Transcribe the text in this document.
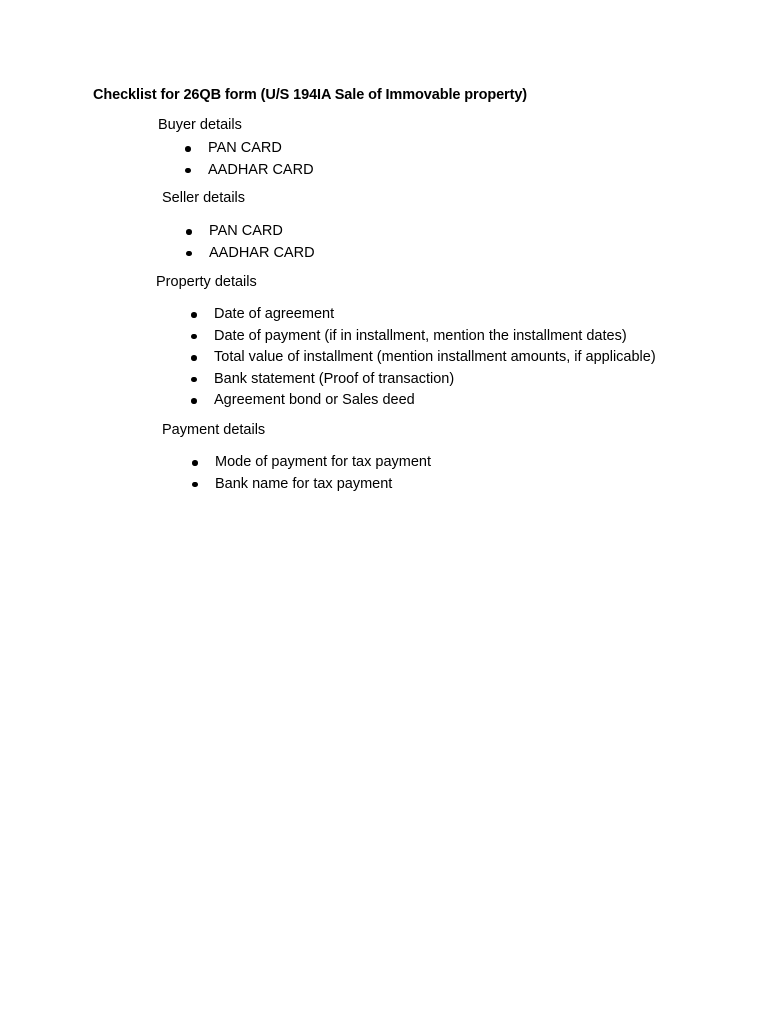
Checklist for 26QB form (U/S 194IA Sale of Immovable property)
Buyer details
PAN CARD
AADHAR CARD
Seller details
PAN CARD
AADHAR CARD
Property details
Date of agreement
Date of payment (if in installment, mention the installment dates)
Total value of installment (mention installment amounts, if applicable)
Bank statement (Proof of transaction)
Agreement bond or Sales deed
Payment details
Mode of payment for tax payment
Bank name for tax payment
